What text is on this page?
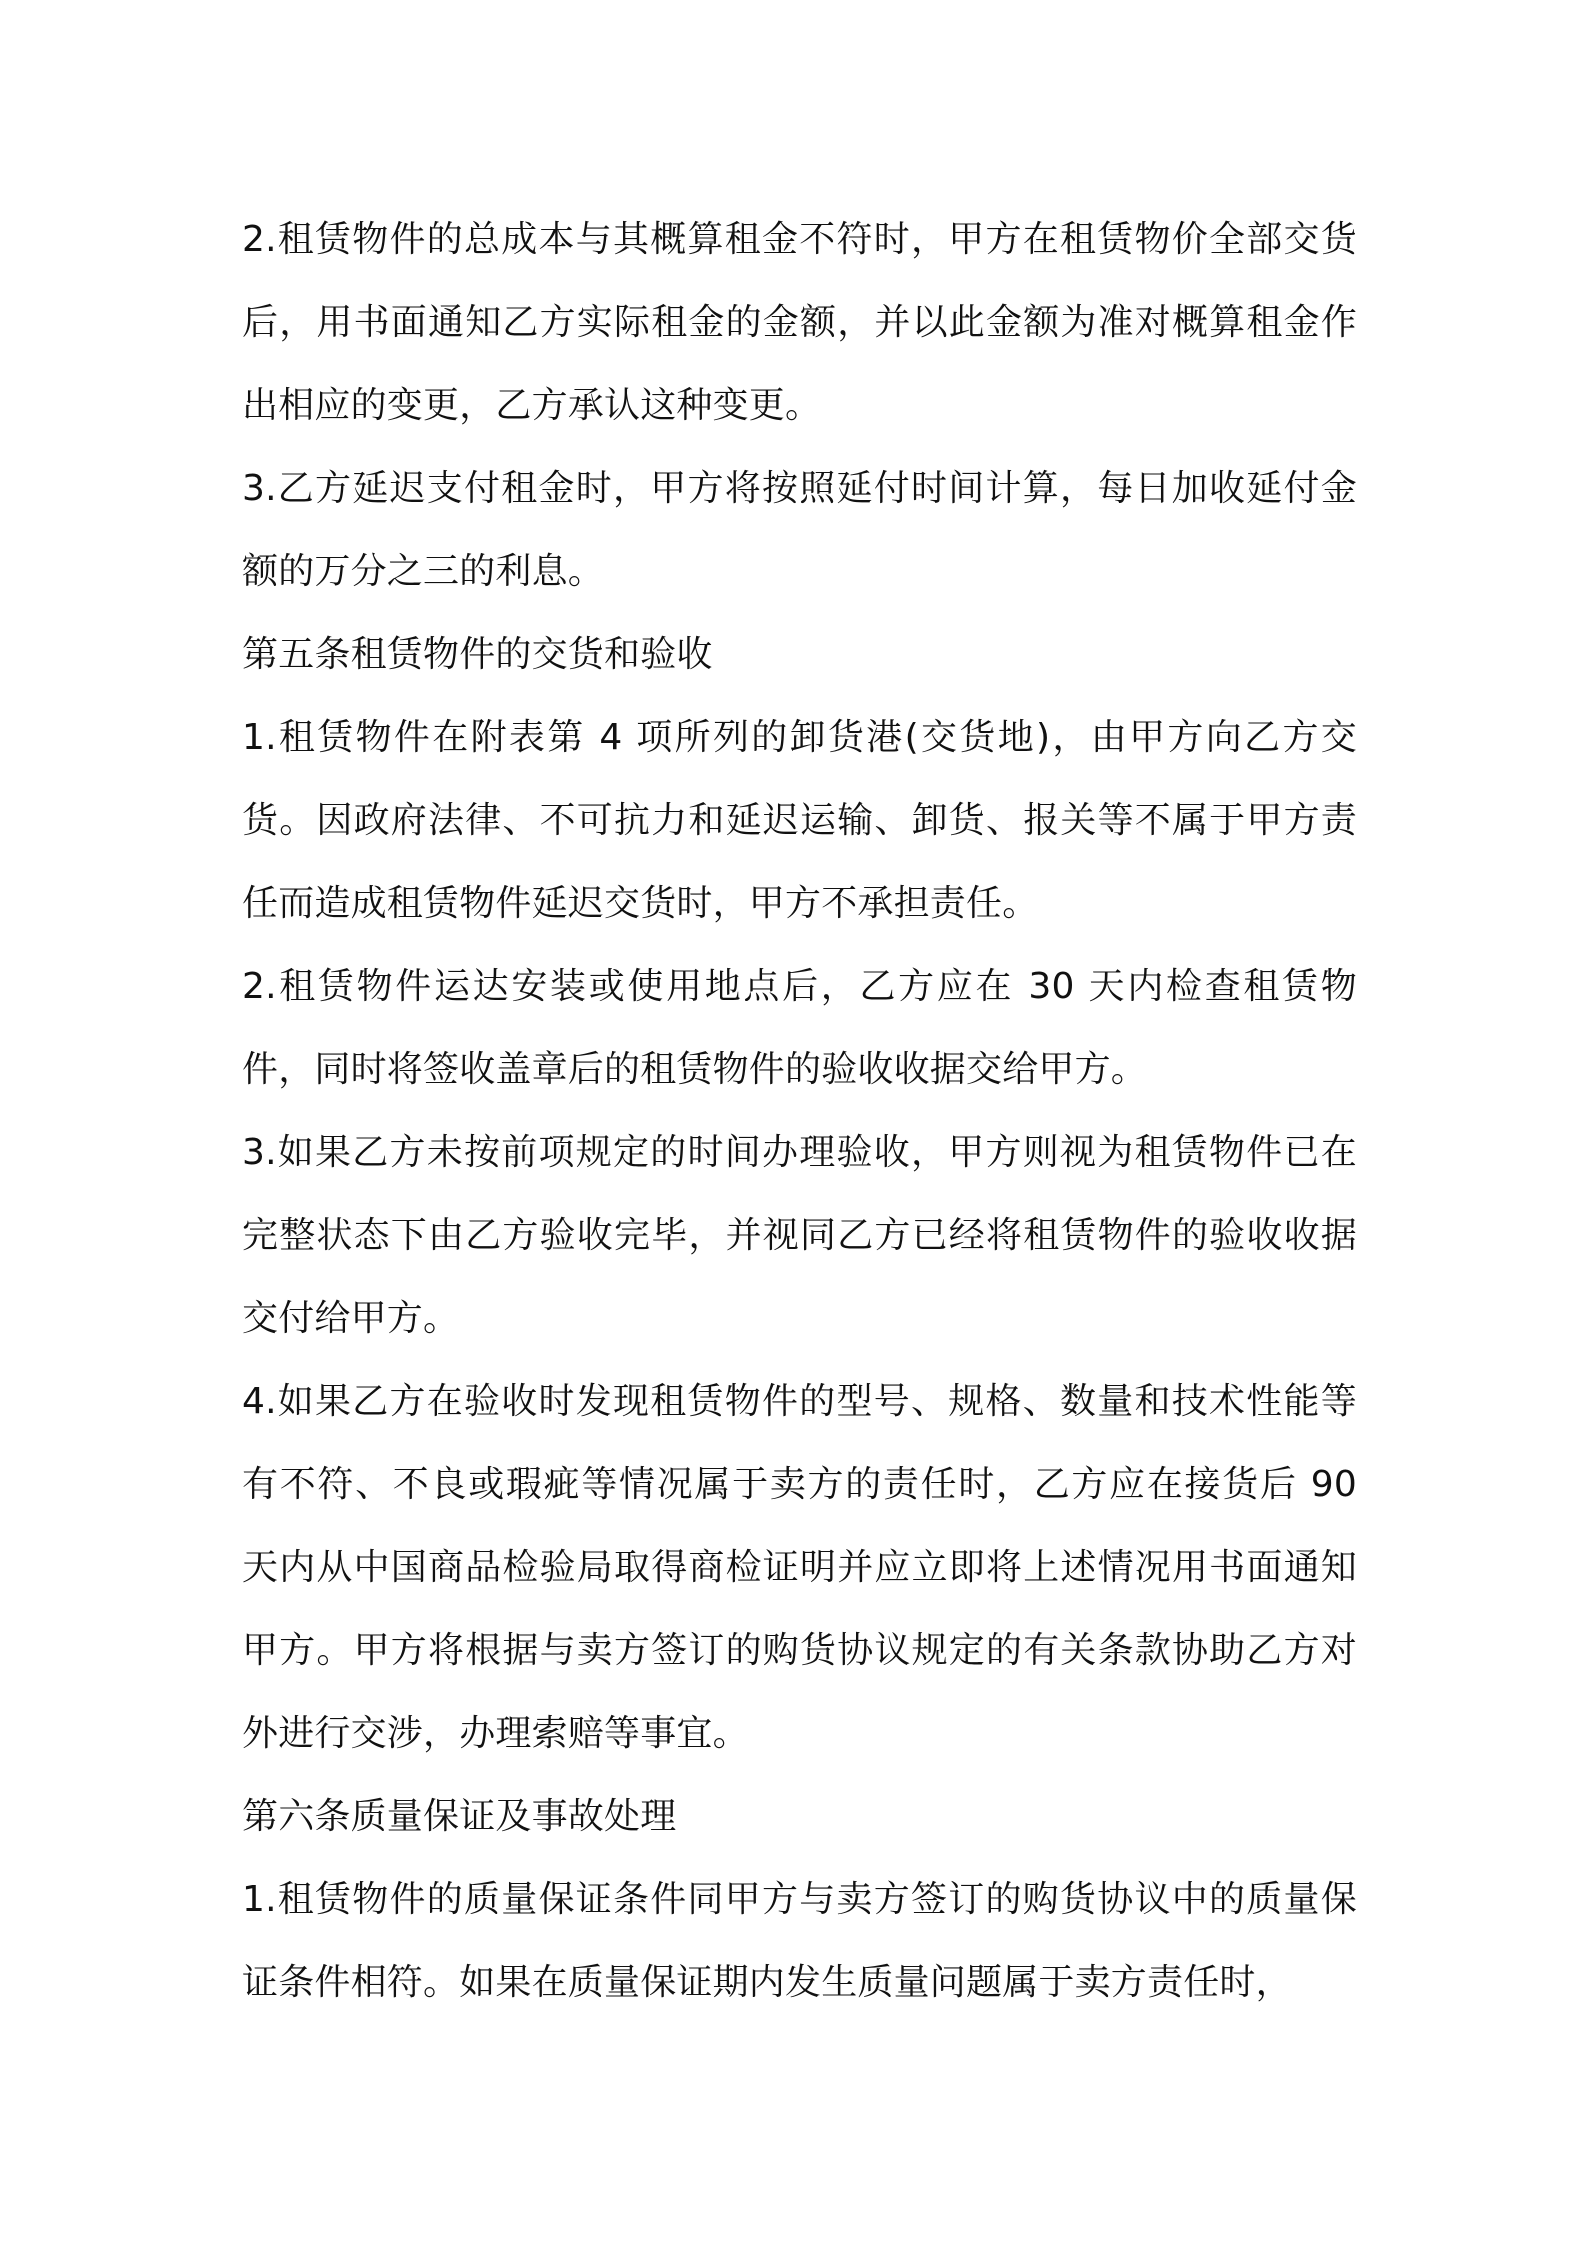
2.租赁物件的总成本与其概算租金不符时，甲方在租赁物价全部交货后，用书面通知乙方实际租金的金额，并以此金额为准对概算租金作出相应的变更，乙方承认这种变更。

3.乙方延迟支付租金时，甲方将按照延付时间计算，每日加收延付金额的万分之三的利息。

第五条租赁物件的交货和验收

1.租赁物件在附表第 4 项所列的卸货港(交货地)，由甲方向乙方交货。因政府法律、不可抗力和延迟运输、卸货、报关等不属于甲方责任而造成租赁物件延迟交货时，甲方不承担责任。

2.租赁物件运达安装或使用地点后，乙方应在 30 天内检查租赁物件，同时将签收盖章后的租赁物件的验收收据交给甲方。

3.如果乙方未按前项规定的时间办理验收，甲方则视为租赁物件已在完整状态下由乙方验收完毕，并视同乙方已经将租赁物件的验收收据交付给甲方。

4.如果乙方在验收时发现租赁物件的型号、规格、数量和技术性能等有不符、不良或瑕疵等情况属于卖方的责任时，乙方应在接货后 90 天内从中国商品检验局取得商检证明并应立即将上述情况用书面通知甲方。甲方将根据与卖方签订的购货协议规定的有关条款协助乙方对外进行交涉，办理索赔等事宜。

第六条质量保证及事故处理

1.租赁物件的质量保证条件同甲方与卖方签订的购货协议中的质量保证条件相符。如果在质量保证期内发生质量问题属于卖方责任时，
